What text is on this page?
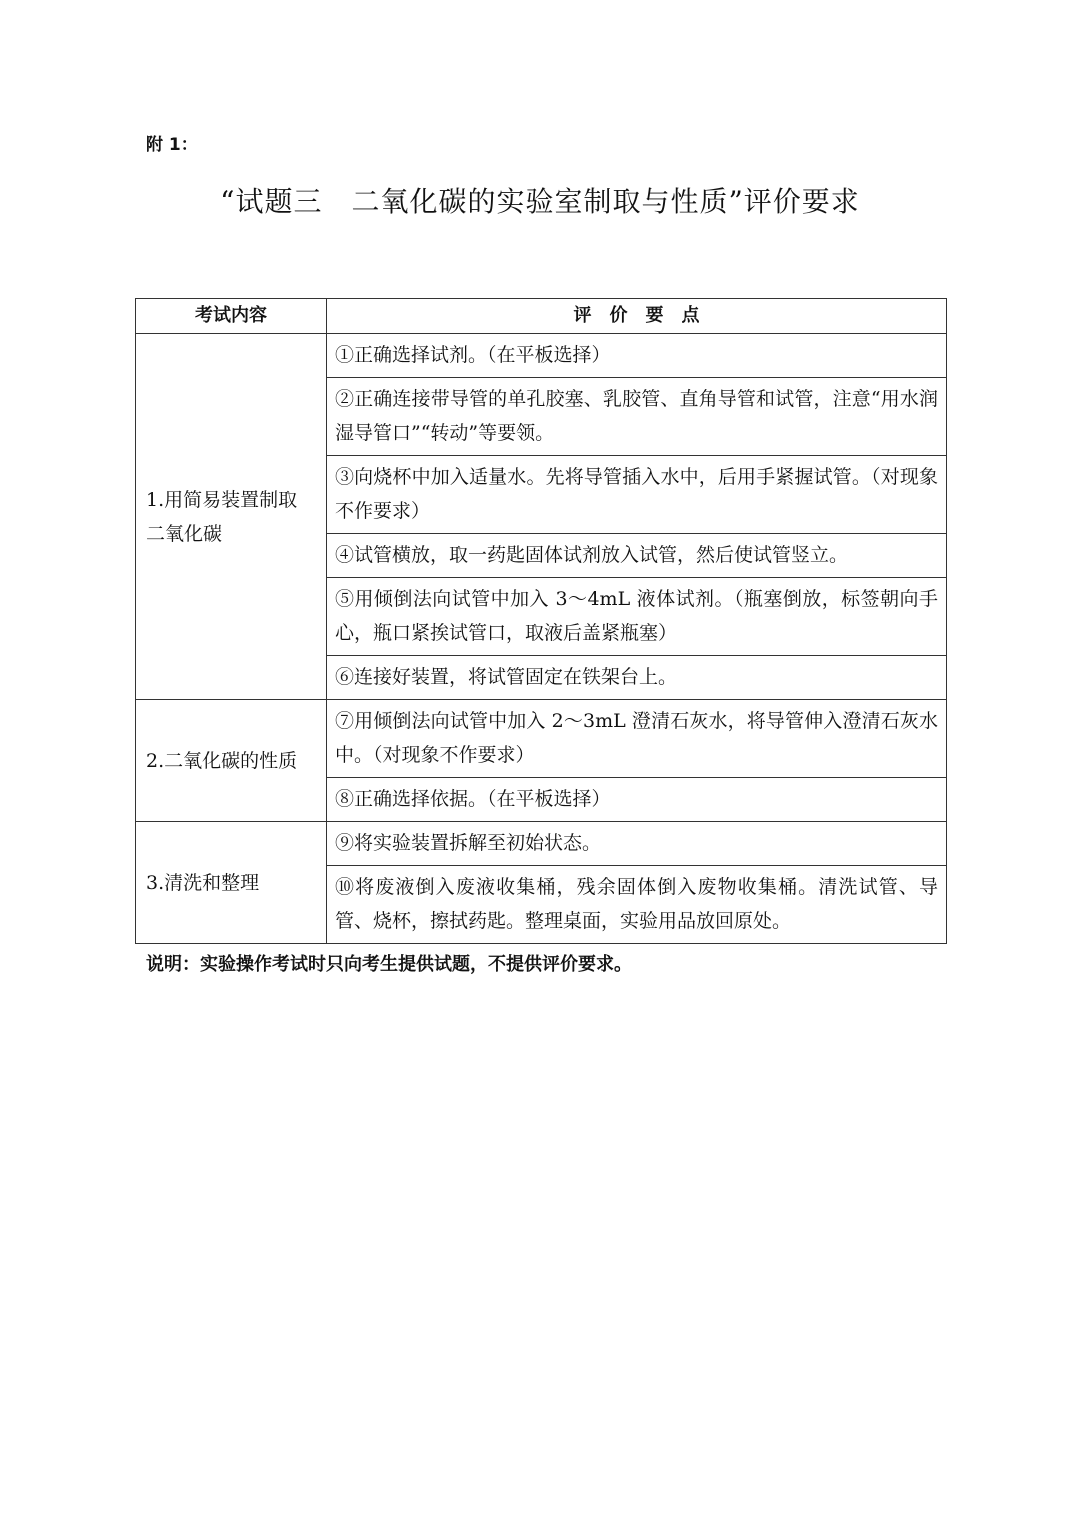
附 1：
“试题三　二氧化碳的实验室制取与性质”评价要求
考试内容	评　价　要　点
1.用简易装置制取二氧化碳	①正确选择试剂。（在平板选择）
	②正确连接带导管的单孔胶塞、乳胶管、直角导管和试管，注意“用水润湿导管口”“转动”等要领。
	③向烧杯中加入适量水。先将导管插入水中，后用手紧握试管。（对现象不作要求）
	④试管横放，取一药匙固体试剂放入试管，然后使试管竖立。
	⑤用倾倒法向试管中加入 3～4mL 液体试剂。（瓶塞倒放，标签朝向手心，瓶口紧挨试管口，取液后盖紧瓶塞）
	⑥连接好装置，将试管固定在铁架台上。
2.二氧化碳的性质	⑦用倾倒法向试管中加入 2～3mL 澄清石灰水，将导管伸入澄清石灰水中。（对现象不作要求）
	⑧正确选择依据。（在平板选择）
3.清洗和整理	⑨将实验装置拆解至初始状态。
	⑩将废液倒入废液收集桶，残余固体倒入废物收集桶。清洗试管、导管、烧杯，擦拭药匙。整理桌面，实验用品放回原处。
说明：实验操作考试时只向考生提供试题，不提供评价要求。
